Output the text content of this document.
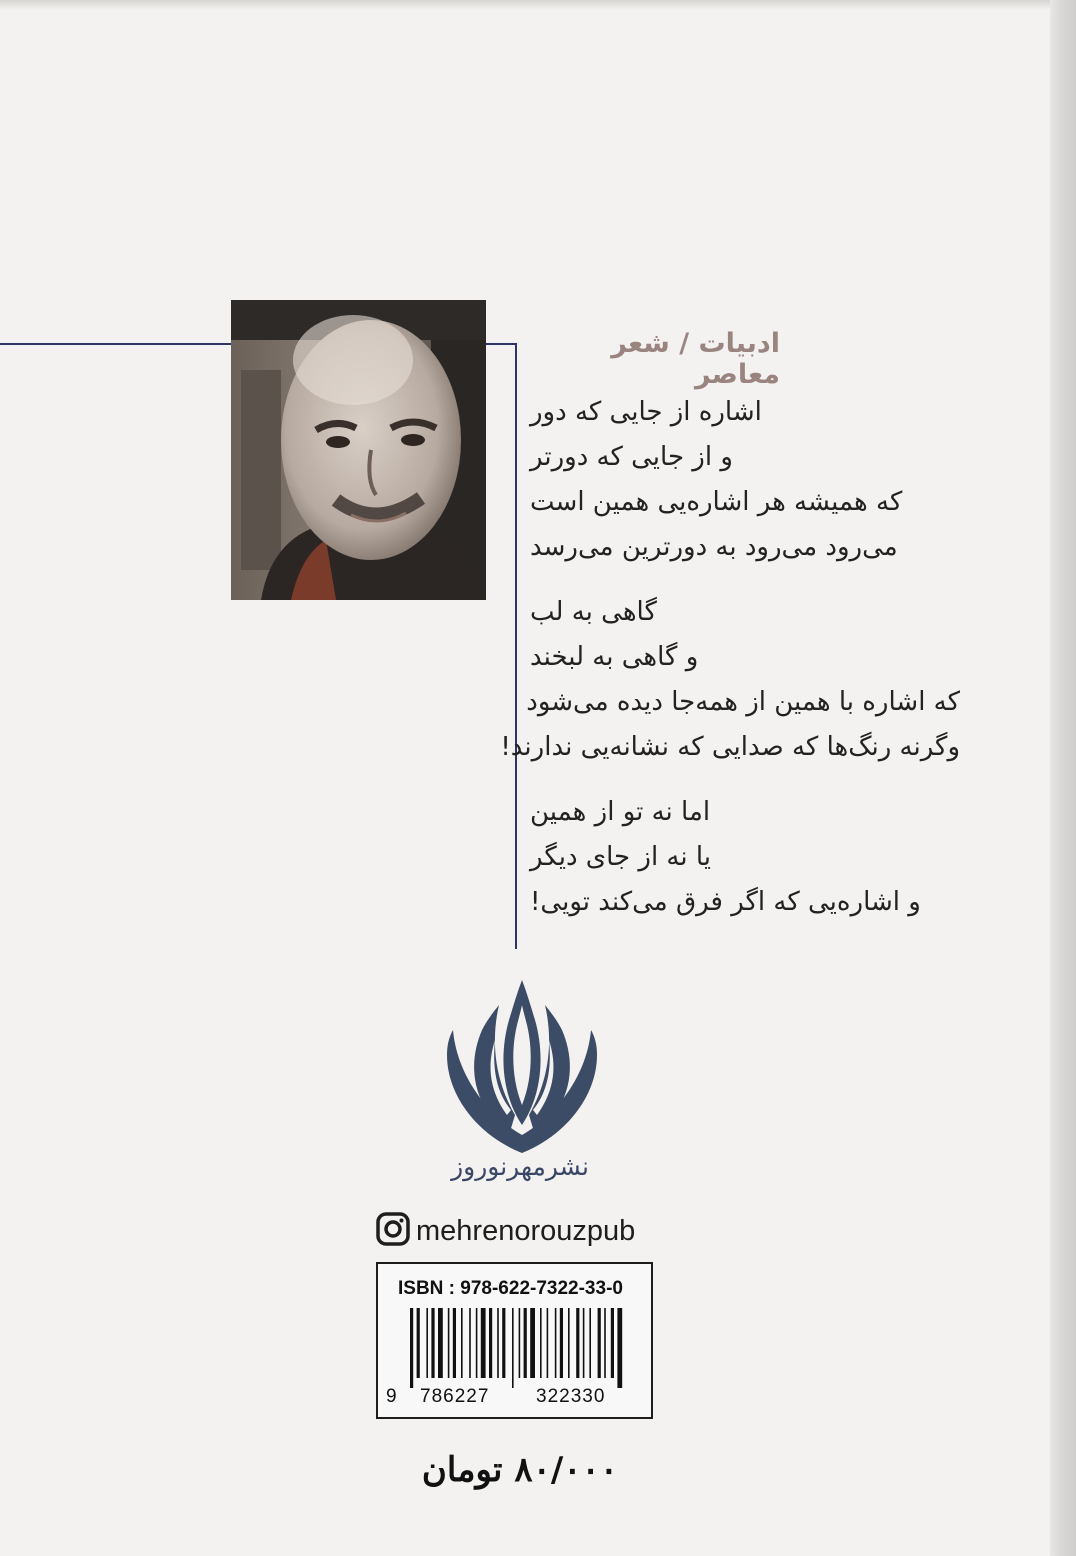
ادبیات / شعر معاصر
اشاره از جایی که دور
و از جایی که دورتر
که همیشه هر اشاره‌یی همین است
می‌رود می‌رود به دورترین می‌رسد
گاهی به لب
و گاهی به لبخند
که اشاره با همین از همه‌جا دیده می‌شود
وگرنه رنگ‌ها که صدایی که نشانه‌یی ندارند!
اما نه تو از همین
یا نه از جای دیگر
و اشاره‌یی که اگر فرق می‌کند تویی!
نشرمهرنوروز
mehrenorouzpub
ISBN : 978-622-7322-33-0
9 786227 322330
۸۰/۰۰۰ تومان
